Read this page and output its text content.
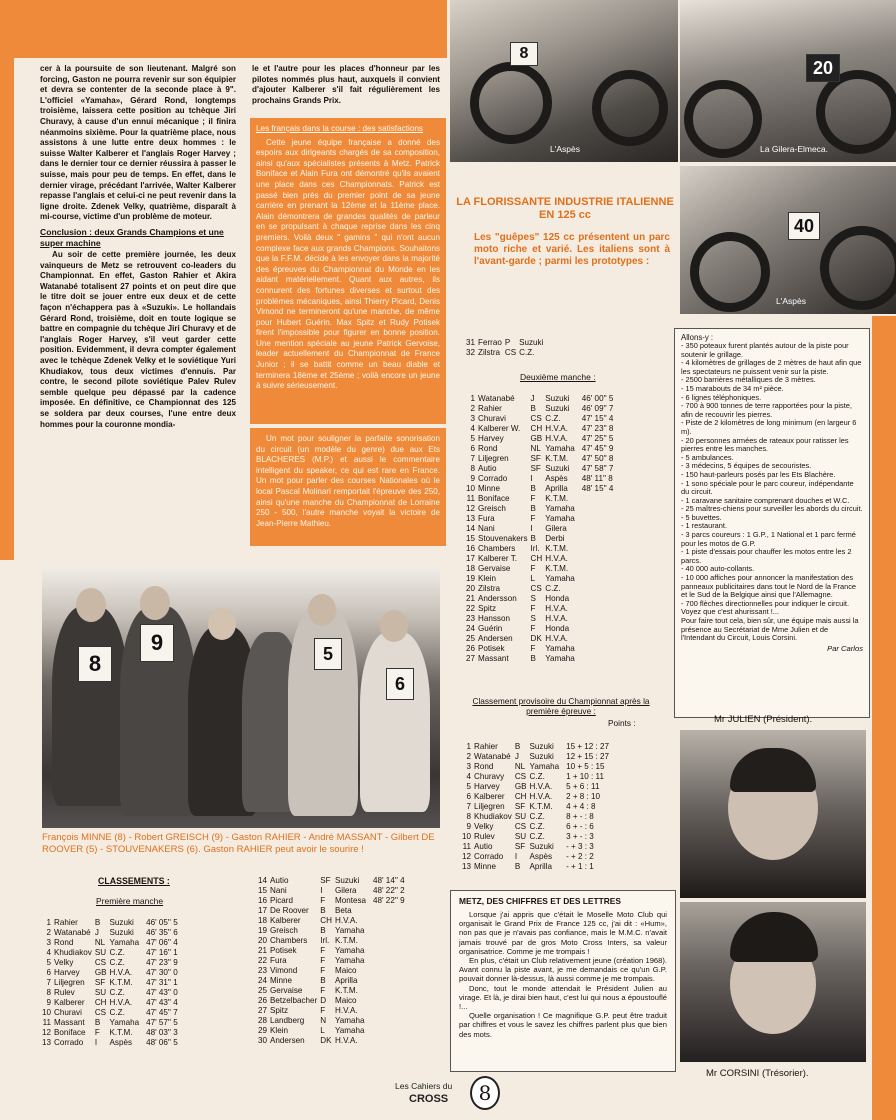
cer à la poursuite de son lieutenant. Malgré son forcing, Gaston ne pourra revenir sur son équipier et devra se contenter de la seconde place à 9". L'officiel «Yamaha», Gérard Rond, longtemps troisième, laissera cette position au tchèque Jiri Churavy, à cause d'un ennui mécanique ; il finira néanmoins sixième. Pour la quatrième place, nous assistons à une lutte entre deux hommes : le suisse Walter Kalberer et l'anglais Roger Harvey ; dans le dernier tour ce dernier réussira à passer le suisse, mais pour peu de temps. En effet, dans le dernier virage, précédant l'arrivée, Walter Kalberer repasse l'anglais et celui-ci ne peut revenir dans la ligne droite. Zdenek Velky, quatrième, disparaît à mi-course, victime d'un problème de moteur.

Conclusion : deux Grands Champions et une super machine

Au soir de cette première journée, les deux vainqueurs de Metz se retrouvent co-leaders du Championnat. En effet, Gaston Rahier et Akira Watanabé totalisent 27 points et on peut dire que le titre doit se jouer entre eux deux et de cette façon n'échappera pas à «Suzuki». Le hollandais Gérard Rond, troisième, doit en toute logique se battre en compagnie du tchèque Jiri Churavy et de l'anglais Roger Harvey, s'il veut garder cette position. Evidemment, il devra compter également avec le tchèque Zdenek Velky et le soviétique Yuri Khudiakov, tous deux victimes d'ennuis. Par contre, le second pilote soviétique Palev Rulev semble quelque peu dépassé par la cadence imposée. En définitive, ce Championnat des 125 se soldera par deux courses, l'une entre deux hommes pour la couronne mondia-

le et l'autre pour les places d'honneur par les pilotes nommés plus haut, auxquels il convient d'ajouter Kalberer s'il fait régulièrement les prochains Grands Prix.

Les français dans la course : des satisfactions

Cette jeune équipe française a donné des espoirs aux dirigeants chargés de sa composition, ainsi qu'aux spécialistes présents à Metz. Patrick Boniface et Alain Fura ont démontré qu'ils avaient une place dans ces Championnats. Patrick est passé bien près du premier point de sa jeune carrière en prenant la 12ème et la 11ème place. Alain démontrera de grandes qualités de parleur en se propulsant à chaque reprise dans les cinq premiers. Voilà deux " gamins " qui n'ont aucun complexe face aux grands Champions. Souhaitons que la F.F.M. décide à les envoyer dans la majorité des épreuves du Championnat du Monde en les aidant matériellement. Quant aux autres, ils connurent des fortunes diverses et surtout des problèmes mécaniques, ainsi Thierry Picard, Denis Vimond ne termineront qu'une manche, de même pour Hubert Guérin. Max Spitz et Rudy Potisek firent l'impossible pour figurer en bonne position. Une mention spéciale au jeune Patrick Gervoise, leader actuellement du Championnat de France Junior ; il se battit comme un beau diable et terminera 18ème et 25ème ; voilà encore un jeune à suivre sérieusement.

Un mot pour souligner la parfaite sonorisation du circuit (un modèle du genre) due aux Ets BLACHERES (M.P.) et aussi le commentaire intelligent du speaker, ce qui est rare en France. Un mot pour parler des courses Nationales où le local Pascal Molinari remportait l'épreuve des 250, ainsi qu'une manche du Championnat de Lorraine 250 - 500, l'autre manche voyait la victoire de Jean-Pierre Mathieu.

8
L'Aspès
20
La Gilera-Elmeca.
40
L'Aspès
LA FLORISSANTE INDUSTRIE ITALIENNE EN 125 cc

Les "guêpes" 125 cc présentent un parc moto riche et varié. Les italiens sont à l'avant-garde ; parmi les prototypes :

8
9	5
6

François MINNE (8) - Robert GREISCH (9) - Gaston RAHIER - André MASSANT - Gilbert DE ROOVER (5) - STOUVENAKERS (6). Gaston RAHIER peut avoir le sourire !

CLASSEMENTS :
Première manche
1	Rahier	B	Suzuki	46' 05'' 5
2	Watanabé	J	Suzuki	46' 35'' 6
3	Rond	NL	Yamaha	47' 06'' 4
4	Khudiakov	SU	C.Z.	47' 16'' 1
5	Velky	CS	C.Z.	47' 23'' 9
6	Harvey	GB	H.V.A.	47' 30'' 0
7	Liljegren	SF	K.T.M.	47' 31'' 1
8	Rulev	SU	C.Z.	47' 43'' 0
9	Kalberer	CH	H.V.A.	47' 43'' 4
10	Churavi	CS	C.Z.	47' 45'' 7
11	Massant	B	Yamaha	47' 57'' 5
12	Boniface	F	K.T.M.	48' 03'' 3
13	Corrado	I	Aspès	48' 06'' 5
14	Autio	SF	Suzuki	48' 14'' 4
15	Nani	I	Gilera	48' 22'' 2
16	Picard	F	Montesa	48' 22'' 9
17	De Roover	B	Beta	
18	Kalberer	CH	H.V.A.	
19	Greisch	B	Yamaha	
20	Chambers	Irl.	K.T.M.	
21	Potisek	F	Yamaha	
22	Fura	F	Yamaha	
23	Vimond	F	Maico	
24	Minne	B	Aprilla	
25	Gervaise	F	K.T.M.	
26	Betzelbacher	D	Maico	
27	Spitz	F	H.V.A.	
28	Landberg	N	Yamaha	
29	Klein	L	Yamaha	
30	Andersen	DK	H.V.A.	
31	Ferrao	P	Suzuki	
32	Zilstra	CS	C.Z.	
Deuxième manche :
1	Watanabé	J	Suzuki	46' 00'' 5
2	Rahier	B	Suzuki	46' 09'' 7
3	Churavi	CS	C.Z.	47' 15'' 4
4	Kalberer W.	CH	H.V.A.	47' 23'' 8
5	Harvey	GB	H.V.A.	47' 25'' 5
6	Rond	NL	Yamaha	47' 45'' 9
7	Liljegren	SF	K.T.M.	47' 50'' 8
8	Autio	SF	Suzuki	47' 58'' 7
9	Corrado	I	Aspès	48' 11'' 8
10	Minne	B	Aprilla	48' 15'' 4
11	Boniface	F	K.T.M.	
12	Greisch	B	Yamaha	
13	Fura	F	Yamaha	
14	Nani	I	Gilera	
15	Stouvenakers	B	Derbi	
16	Chambers	Irl.	K.T.M.	
17	Kalberer T.	CH	H.V.A.	
18	Gervaise	F	K.T.M.	
19	Klein	L	Yamaha	
20	Zilstra	CS	C.Z.	
21	Andersson	S	Honda	
22	Spitz	F	H.V.A.	
23	Hansson	S	H.V.A.	
24	Guérin	F	Honda	
25	Andersen	DK	H.V.A.	
26	Potisek	F	Yamaha	
27	Massant	B	Yamaha	
Classement provisoire du Championnat après la première épreuve :
Points :
1	Rahier	B	Suzuki	15 + 12 : 27
2	Watanabé	J	Suzuki	12 + 15 : 27
3	Rond	NL	Yamaha	10 + 5 : 15
4	Churavy	CS	C.Z.	1 + 10 : 11
5	Harvey	GB	H.V.A.	5 + 6 : 11
6	Kalberer	CH	H.V.A.	2 + 8 : 10
7	Liljegren	SF	K.T.M.	4 + 4 : 8
8	Khudiakov	SU	C.Z.	8 + - : 8
9	Velky	CS	C.Z.	6 + - : 6
10	Rulev	SU	C.Z.	3 + - : 3
11	Autio	SF	Suzuki	- + 3 : 3
12	Corrado	I	Aspès	- + 2 : 2
13	Minne	B	Aprilla	- + 1 : 1
METZ, DES CHIFFRES ET DES LETTRES

Lorsque j'ai appris que c'était le Moselle Moto Club qui organisait le Grand Prix de France 125 cc, j'ai dit : «Hum», non pas que je n'avais pas confiance, mais le M.M.C. n'avait jamais trouvé par de gros Moto Cross Inters, sa valeur organisatrice. Comme je me trompais !

En plus, c'était un Club relativement jeune (création 1968). Avant connu la piste avant, je me demandais ce qu'un G.P. pouvait donner là-dessus, là aussi comme je me trompais.

Donc, tout le monde attendait le Président Julien au virage. Et là, je dirai bien haut, c'est lui qui nous a époustouflé !...

Quelle organisation ! Ce magnifique G.P. peut être traduit par chiffres et vous le savez les chiffres parlent plus que bien des mots.

Allons-y :
- 350 poteaux furent plantés autour de la piste pour soutenir le grillage.
- 4 kilomètres de grillages de 2 mètres de haut afin que les spectateurs ne puissent venir sur la piste.
- 2500 barrières métalliques de 3 mètres.
- 15 marabouts de 34 m² pièce.
- 6 lignes téléphoniques.
- 700 à 900 tonnes de terre rapportées pour la piste, afin de recouvrir les pierres.
- Piste de 2 kilomètres de long minimum (en largeur 6 m).
- 20 personnes armées de rateaux pour ratisser les pierres entre les manches.
- 5 ambulances.
- 3 médecins, 5 équipes de secouristes.
- 150 haut-parleurs posés par les Ets Blachère.
- 1 sono spéciale pour le parc coureur, indépendante du circuit.
- 1 caravane sanitaire comprenant douches et W.C.
- 25 maîtres-chiens pour surveiller les abords du circuit.
- 5 buvettes.
- 1 restaurant.
- 3 parcs coureurs : 1 G.P., 1 National et 1 parc fermé pour les motos de G.P.
- 1 piste d'essais pour chauffer les motos entre les 2 parcs.
- 40 000 auto-collants.
- 10 000 affiches pour annoncer la manifestation des panneaux publicitaires dans tout le Nord de la France et le Sud de la Belgique ainsi que l'Allemagne.
- 700 flèches directionnelles pour indiquer le circuit.
Voyez que c'est ahurissant !...
Pour faire tout cela, bien sûr, une équipe mais aussi la présence au Secrétariat de Mme Julien et de l'Intendant du Circuit, Louis Corsini.
Par Carlos
Mr JULIEN (Président).
Mr CORSINI (Trésorier).
Les Cahiers du
CROSS	8
